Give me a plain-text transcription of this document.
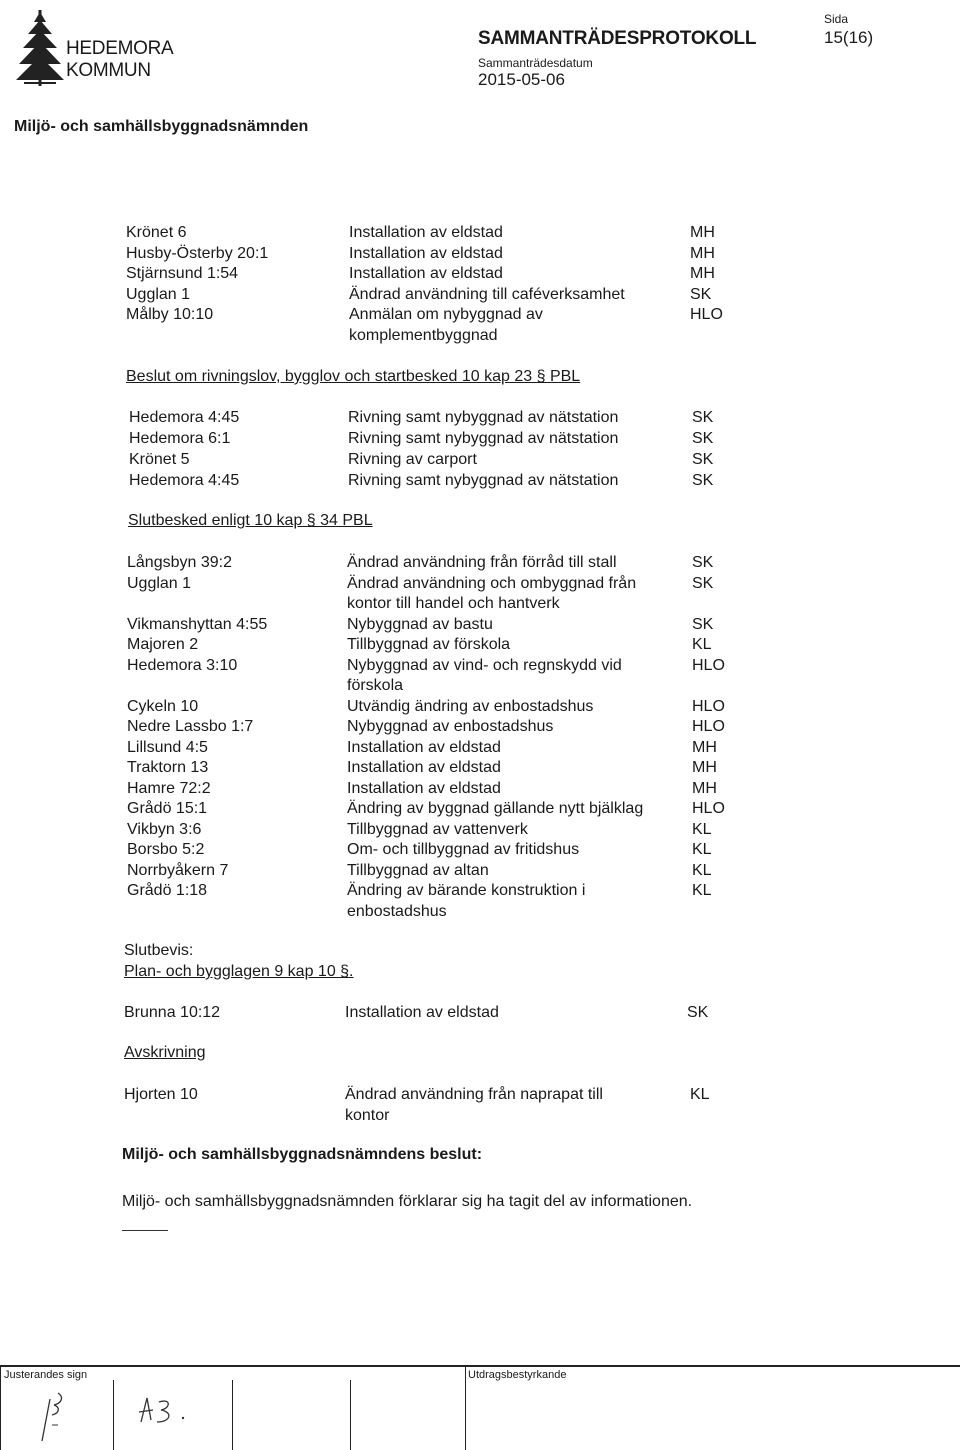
HEDEMORA
KOMMUN
SAMMANTRÄDESPROTOKOLL
Sammanträdesdatum
2015-05-06
Sida
15(16)
Miljö- och samhällsbyggnadsnämnden
Krönet 6	Installation av eldstad	MH
Husby-Österby 20:1	Installation av eldstad	MH
Stjärnsund 1:54	Installation av eldstad	MH
Ugglan 1	Ändrad användning till caféverksamhet	SK
Målby 10:10	Anmälan om nybyggnad av	HLO
komplementbyggnad
Beslut om rivningslov, bygglov och startbesked 10 kap 23 § PBL
Hedemora 4:45	Rivning samt nybyggnad av nätstation	SK
Hedemora 6:1	Rivning samt nybyggnad av nätstation	SK
Krönet 5	Rivning av carport	SK
Hedemora 4:45	Rivning samt nybyggnad av nätstation	SK
Slutbesked enligt 10 kap § 34 PBL
Långsbyn 39:2	Ändrad användning från förråd till stall	SK
Ugglan 1	Ändrad användning och ombyggnad från	SK
kontor till handel och hantverk
Vikmanshyttan 4:55	Nybyggnad av bastu	SK
Majoren 2	Tillbyggnad av förskola	KL
Hedemora 3:10	Nybyggnad av vind- och regnskydd vid	HLO
förskola
Cykeln 10	Utvändig ändring av enbostadshus	HLO
Nedre Lassbo 1:7	Nybyggnad av enbostadshus	HLO
Lillsund 4:5	Installation av eldstad	MH
Traktorn 13	Installation av eldstad	MH
Hamre 72:2	Installation av eldstad	MH
Grådö 15:1	Ändring av byggnad gällande nytt bjälklag	HLO
Vikbyn 3:6	Tillbyggnad av vattenverk	KL
Borsbo 5:2	Om- och tillbyggnad av fritidshus	KL
Norrbyåkern 7	Tillbyggnad av altan	KL
Grådö 1:18	Ändring av bärande konstruktion i	KL
enbostadshus
Slutbevis:
Plan- och bygglagen 9 kap 10 §.
Brunna 10:12	Installation av eldstad	SK
Avskrivning
Hjorten 10	Ändrad användning från naprapat till	KL
kontor
Miljö- och samhällsbyggnadsnämndens beslut:
Miljö- och samhällsbyggnadsnämnden förklarar sig ha tagit del av informationen.
Justerandes sign	Utdragsbestyrkande
